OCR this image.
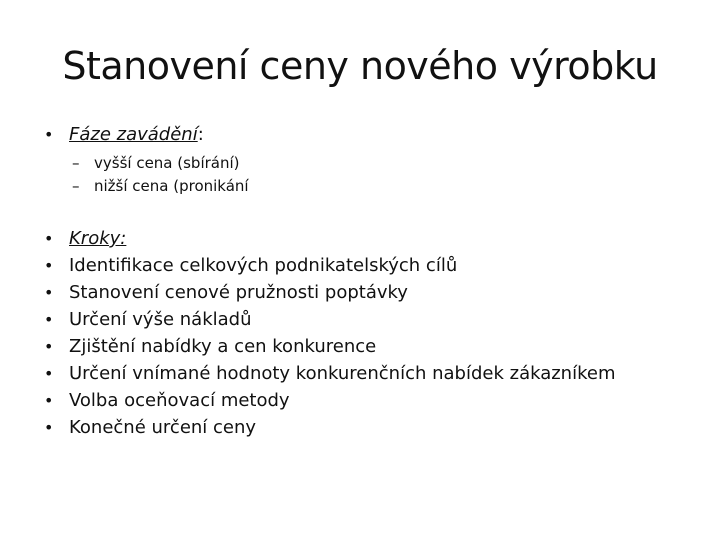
Stanovení ceny nového výrobku
• Fáze zavádění:
– vyšší cena (sbírání)
– nižší cena (pronikání
• Kroky:
• Identifikace celkových podnikatelských cílů
• Stanovení cenové pružnosti poptávky
• Určení výše nákladů
• Zjištění nabídky a cen konkurence
• Určení vnímané hodnoty konkurenčních nabídek zákazníkem
• Volba oceňovací metody
• Konečné určení ceny
